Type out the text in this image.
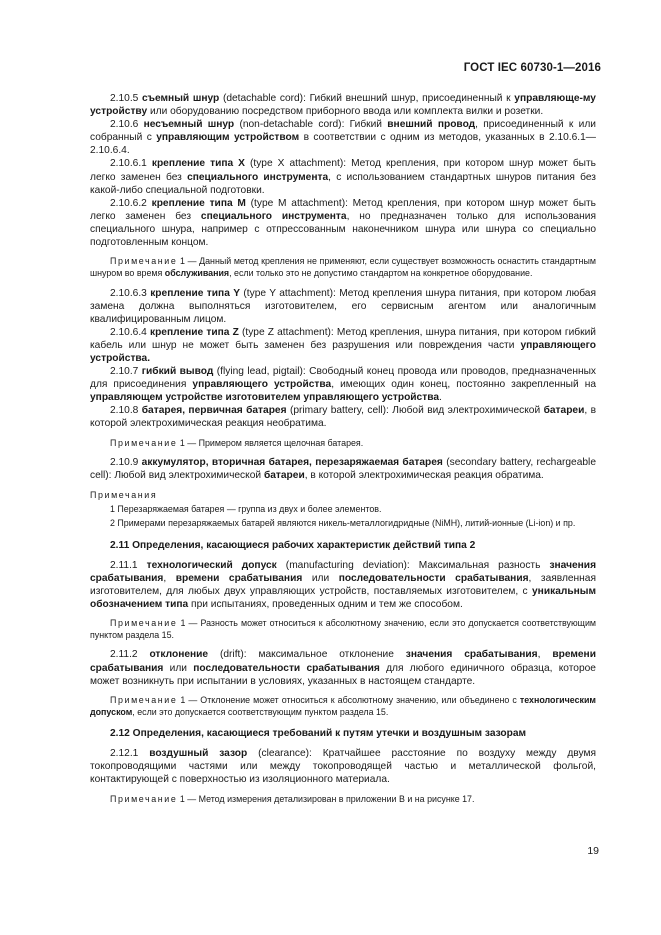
ГОСТ IEC 60730-1—2016

2.10.5 съемный шнур (detachable cord): Гибкий внешний шнур, присоединенный к управляюще-му устройству или оборудованию посредством приборного ввода или комплекта вилки и розетки.

2.10.6 несъемный шнур (non-detachable cord): Гибкий внешний провод, присоединенный к или собранный с управляющим устройством в соответствии с одним из методов, указанных в 2.10.6.1—2.10.6.4.

2.10.6.1 крепление типа X (type X attachment): Метод крепления, при котором шнур может быть легко заменен без специального инструмента, с использованием стандартных шнуров питания без какой-либо специальной подготовки.

2.10.6.2 крепление типа M (type M attachment): Метод крепления, при котором шнур может быть легко заменен без специального инструмента, но предназначен только для использования специального шнура, например с отпрессованным наконечником шнура или шнура со специально подготовленным концом.

Примечание 1 — Данный метод крепления не применяют, если существует возможность оснастить стандартным шнуром во время обслуживания, если только это не допустимо стандартом на конкретное оборудование.

2.10.6.3 крепление типа Y (type Y attachment): Метод крепления шнура питания, при котором любая замена должна выполняться изготовителем, его сервисным агентом или аналогичным квалифицированным лицом.

2.10.6.4 крепление типа Z (type Z attachment): Метод крепления, шнура питания, при котором гибкий кабель или шнур не может быть заменен без разрушения или повреждения части управляющего устройства.

2.10.7 гибкий вывод (flying lead, pigtail): Свободный конец провода или проводов, предназначенных для присоединения управляющего устройства, имеющих один конец, постоянно закрепленный на управляющем устройстве изготовителем управляющего устройства.

2.10.8 батарея, первичная батарея (primary battery, cell): Любой вид электрохимической батареи, в которой электрохимическая реакция необратима.

Примечание 1 — Примером является щелочная батарея.

2.10.9 аккумулятор, вторичная батарея, перезаряжаемая батарея (secondary battery, rechargeable cell): Любой вид электрохимической батареи, в которой электрохимическая реакция обратима.

Примечания

1 Перезаряжаемая батарея — группа из двух и более элементов.

2 Примерами перезаряжаемых батарей являются никель-металлогидридные (NiMH), литий-ионные (Li-ion) и пр.

2.11 Определения, касающиеся рабочих характеристик действий типа 2

2.11.1 технологический допуск (manufacturing deviation): Максимальная разность значения срабатывания, времени срабатывания или последовательности срабатывания, заявленная изготовителем, для любых двух управляющих устройств, поставляемых изготовителем, с уникальным обозначением типа при испытаниях, проведенных одним и тем же способом.

Примечание 1 — Разность может относиться к абсолютному значению, если это допускается соответствующим пунктом раздела 15.

2.11.2 отклонение (drift): максимальное отклонение значения срабатывания, времени срабатывания или последовательности срабатывания для любого единичного образца, которое может возникнуть при испытании в условиях, указанных в настоящем стандарте.

Примечание 1 — Отклонение может относиться к абсолютному значению, или объединено с технологическим допуском, если это допускается соответствующим пунктом раздела 15.

2.12 Определения, касающиеся требований к путям утечки и воздушным зазорам

2.12.1 воздушный зазор (clearance): Кратчайшее расстояние по воздуху между двумя токопроводящими частями или между токопроводящей частью и металлической фольгой, контактирующей с поверхностью из изоляционного материала.

Примечание 1 — Метод измерения детализирован в приложении В и на рисунке 17.

19
